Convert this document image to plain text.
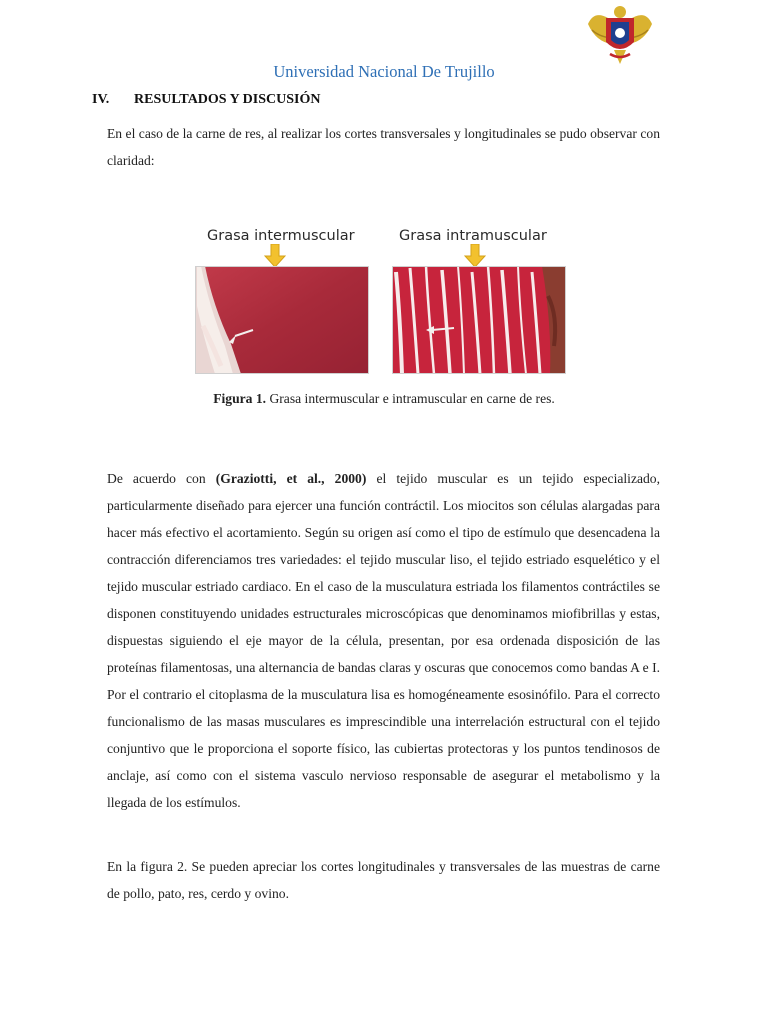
Universidad Nacional De Trujillo
IV. RESULTADOS Y DISCUSIÓN

En el caso de la carne de res, al realizar los cortes transversales y longitudinales se pudo observar con claridad:

Grasa intermuscular	Grasa intramuscular
Figura 1. Grasa intermuscular e intramuscular en carne de res.

De acuerdo con (Graziotti, et al., 2000) el tejido muscular es un tejido especializado, particularmente diseñado para ejercer una función contráctil. Los miocitos son células alargadas para hacer más efectivo el acortamiento. Según su origen así como el tipo de estímulo que desencadena la contracción diferenciamos tres variedades: el tejido muscular liso, el tejido estriado esquelético y el tejido muscular estriado cardiaco. En el caso de la musculatura estriada los filamentos contráctiles se disponen constituyendo unidades estructurales microscópicas que denominamos miofibrillas y estas, dispuestas siguiendo el eje mayor de la célula, presentan, por esa ordenada disposición de las proteínas filamentosas, una alternancia de bandas claras y oscuras que conocemos como bandas A e I. Por el contrario el citoplasma de la musculatura lisa es homogéneamente esosinófilo. Para el correcto funcionalismo de las masas musculares es imprescindible una interrelación estructural con el tejido conjuntivo que le proporciona el soporte físico, las cubiertas protectoras y los puntos tendinosos de anclaje, así como con el sistema vasculo nervioso responsable de asegurar el metabolismo y la llegada de los estímulos.

En la figura 2. Se pueden apreciar los cortes longitudinales y transversales de las muestras de carne de pollo, pato, res, cerdo y ovino.
